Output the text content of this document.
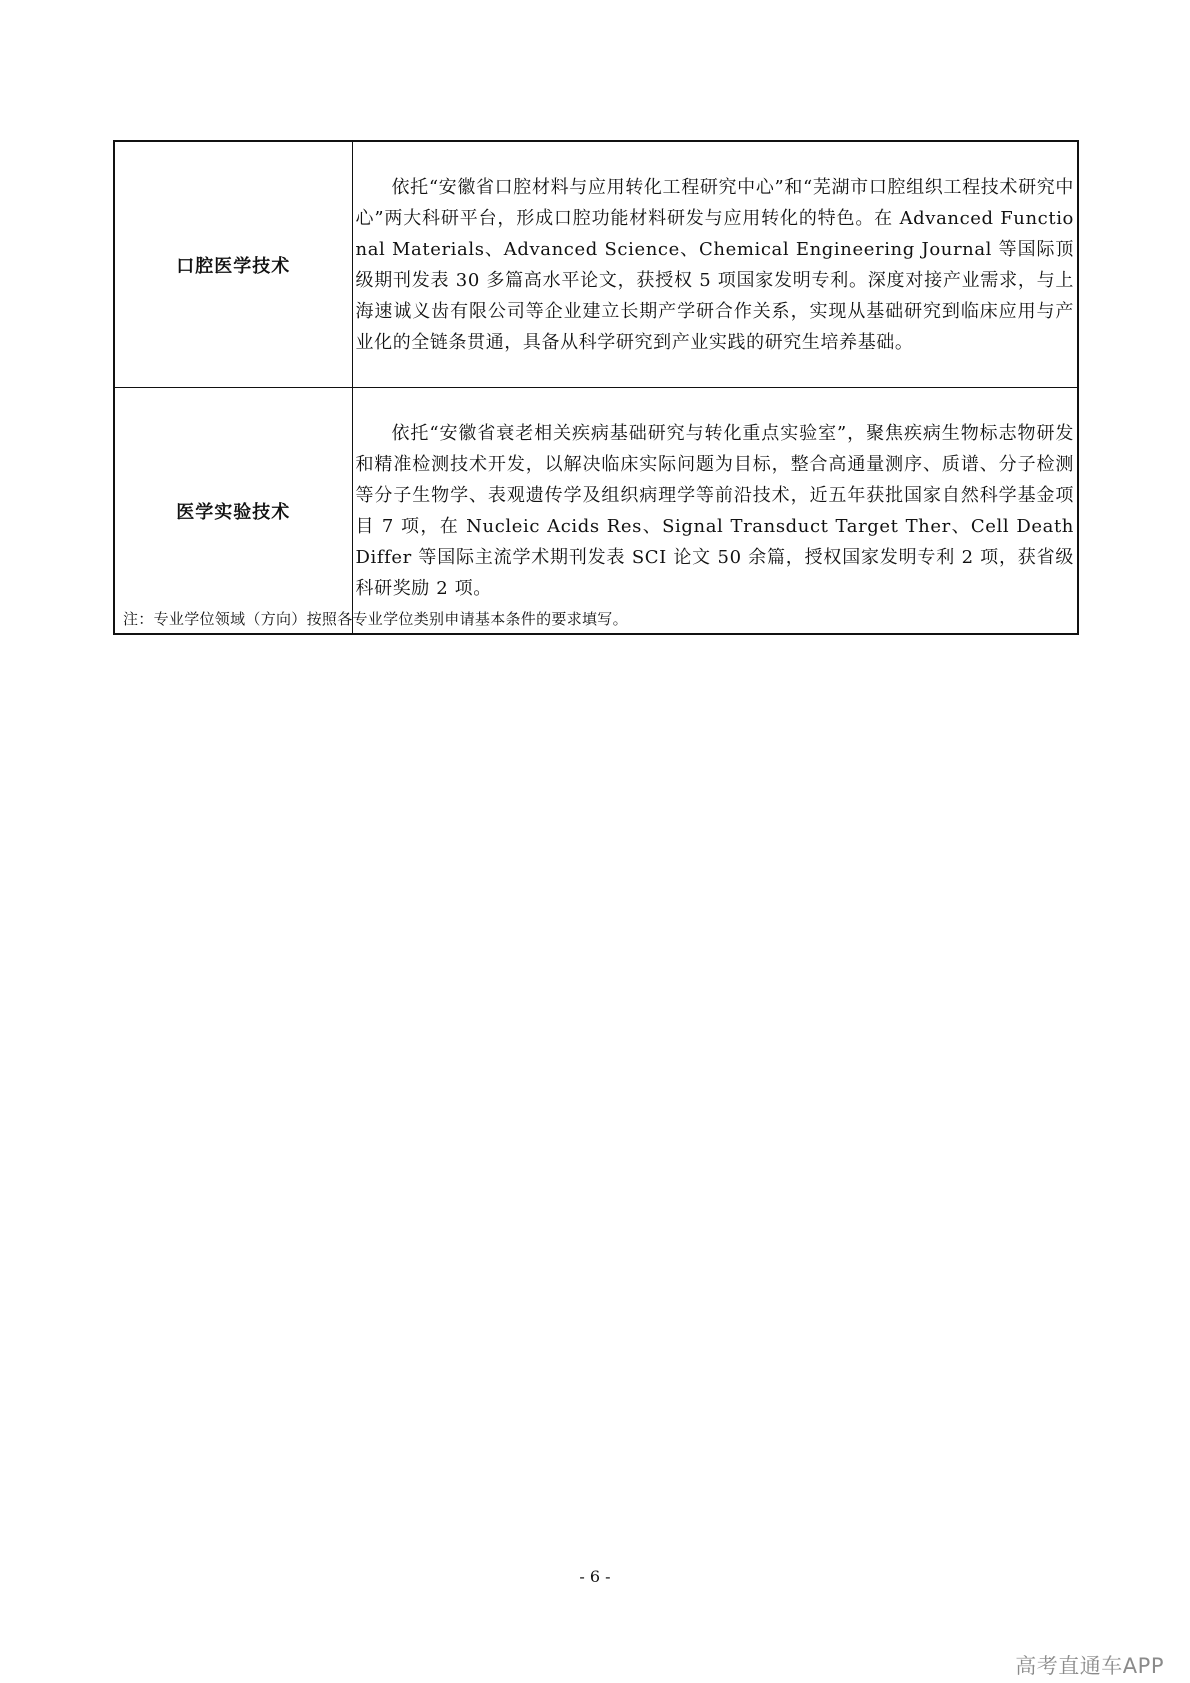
口腔医学技术	依托“安徽省口腔材料与应用转化工程研究中心”和“芜湖市口腔组织工程技术研究中心”两大科研平台，形成口腔功能材料研发与应用转化的特色。在 Advanced Functional Materials、Advanced Science、Chemical Engineering Journal 等国际顶级期刊发表 30 多篇高水平论文，获授权 5 项国家发明专利。深度对接产业需求，与上海速诚义齿有限公司等企业建立长期产学研合作关系，实现从基础研究到临床应用与产业化的全链条贯通，具备从科学研究到产业实践的研究生培养基础。

医学实验技术	依托“安徽省衰老相关疾病基础研究与转化重点实验室”，聚焦疾病生物标志物研发和精准检测技术开发，以解决临床实际问题为目标，整合高通量测序、质谱、分子检测等分子生物学、表观遗传学及组织病理学等前沿技术，近五年获批国家自然科学基金项目 7 项，在 Nucleic Acids Res、Signal Transduct Target Ther、Cell Death Differ 等国际主流学术期刊发表 SCI 论文 50 余篇，授权国家发明专利 2 项，获省级科研奖励 2 项。

注：专业学位领域（方向）按照各专业学位类别申请基本条件的要求填写。
- 6 -
高考直通车APP
